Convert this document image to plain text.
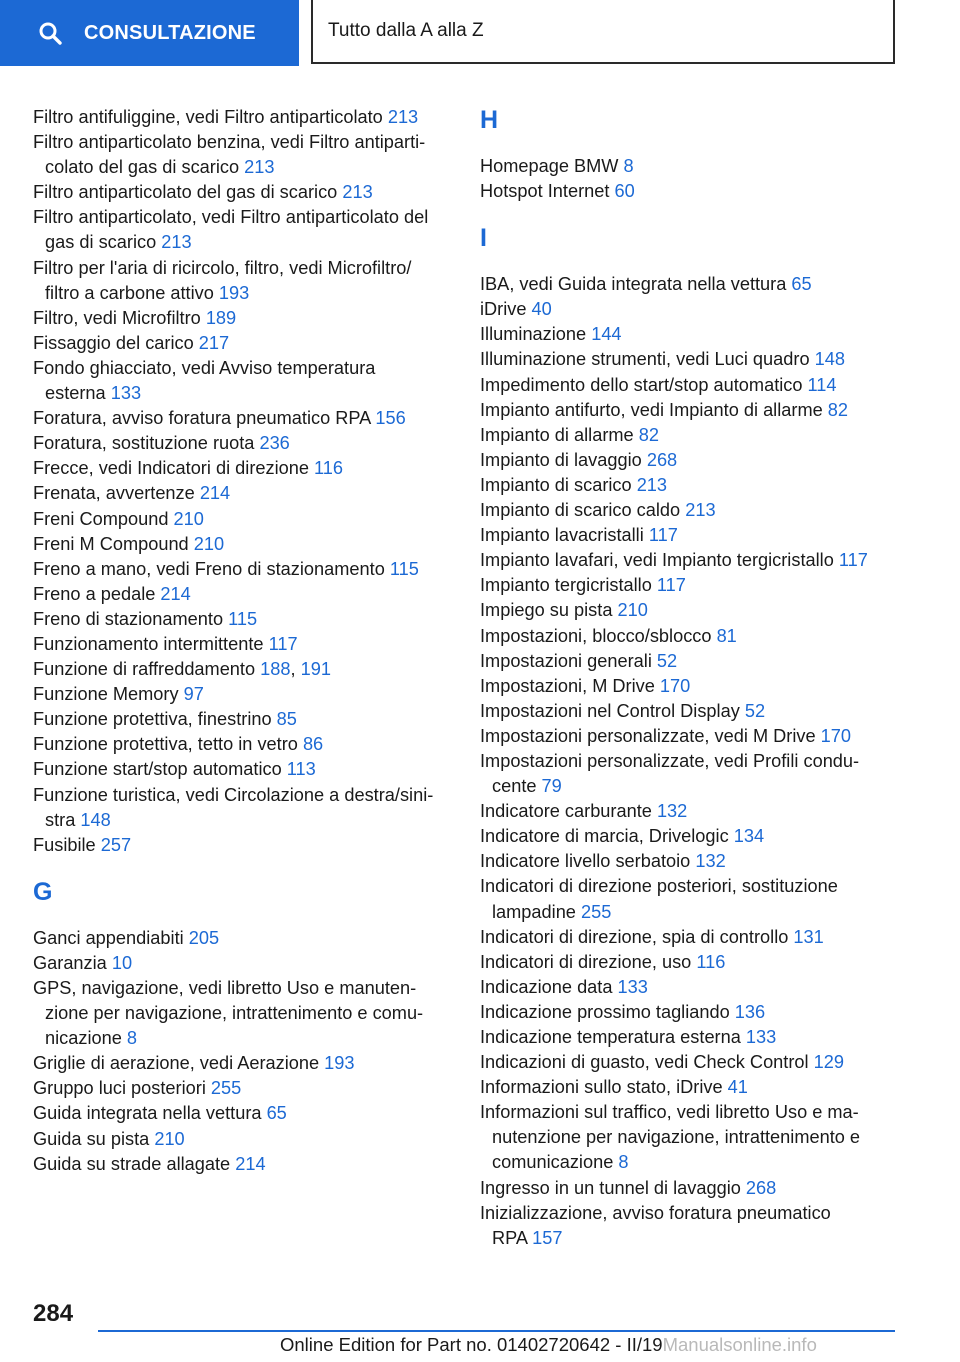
CONSULTAZIONE	Tutto dalla A alla Z
Filtro antifuliggine, vedi Filtro antiparticolato 213
Filtro antiparticolato benzina, vedi Filtro antiparti-
colato del gas di scarico 213
Filtro antiparticolato del gas di scarico 213
Filtro antiparticolato, vedi Filtro antiparticolato del
gas di scarico 213
Filtro per l'aria di ricircolo, filtro, vedi Microfiltro/
filtro a carbone attivo 193
Filtro, vedi Microfiltro 189
Fissaggio del carico 217
Fondo ghiacciato, vedi Avviso temperatura
esterna 133
Foratura, avviso foratura pneumatico RPA 156
Foratura, sostituzione ruota 236
Frecce, vedi Indicatori di direzione 116
Frenata, avvertenze 214
Freni Compound 210
Freni M Compound 210
Freno a mano, vedi Freno di stazionamento 115
Freno a pedale 214
Freno di stazionamento 115
Funzionamento intermittente 117
Funzione di raffreddamento 188, 191
Funzione Memory 97
Funzione protettiva, finestrino 85
Funzione protettiva, tetto in vetro 86
Funzione start/stop automatico 113
Funzione turistica, vedi Circolazione a destra/sini-
stra 148
Fusibile 257
G
Ganci appendiabiti 205
Garanzia 10
GPS, navigazione, vedi libretto Uso e manuten-
zione per navigazione, intrattenimento e comu-
nicazione 8
Griglie di aerazione, vedi Aerazione 193
Gruppo luci posteriori 255
Guida integrata nella vettura 65
Guida su pista 210
Guida su strade allagate 214
H
Homepage BMW 8
Hotspot Internet 60
I
IBA, vedi Guida integrata nella vettura 65
iDrive 40
Illuminazione 144
Illuminazione strumenti, vedi Luci quadro 148
Impedimento dello start/stop automatico 114
Impianto antifurto, vedi Impianto di allarme 82
Impianto di allarme 82
Impianto di lavaggio 268
Impianto di scarico 213
Impianto di scarico caldo 213
Impianto lavacristalli 117
Impianto lavafari, vedi Impianto tergicristallo 117
Impianto tergicristallo 117
Impiego su pista 210
Impostazioni, blocco/sblocco 81
Impostazioni generali 52
Impostazioni, M Drive 170
Impostazioni nel Control Display 52
Impostazioni personalizzate, vedi M Drive 170
Impostazioni personalizzate, vedi Profili condu-
cente 79
Indicatore carburante 132
Indicatore di marcia, Drivelogic 134
Indicatore livello serbatoio 132
Indicatori di direzione posteriori, sostituzione
lampadine 255
Indicatori di direzione, spia di controllo 131
Indicatori di direzione, uso 116
Indicazione data 133
Indicazione prossimo tagliando 136
Indicazione temperatura esterna 133
Indicazioni di guasto, vedi Check Control 129
Informazioni sullo stato, iDrive 41
Informazioni sul traffico, vedi libretto Uso e ma-
nutenzione per navigazione, intrattenimento e
comunicazione 8
Ingresso in un tunnel di lavaggio 268
Inizializzazione, avviso foratura pneumatico
RPA 157
284
Online Edition for Part no. 01402720642 - II/19Manualsonline.info
